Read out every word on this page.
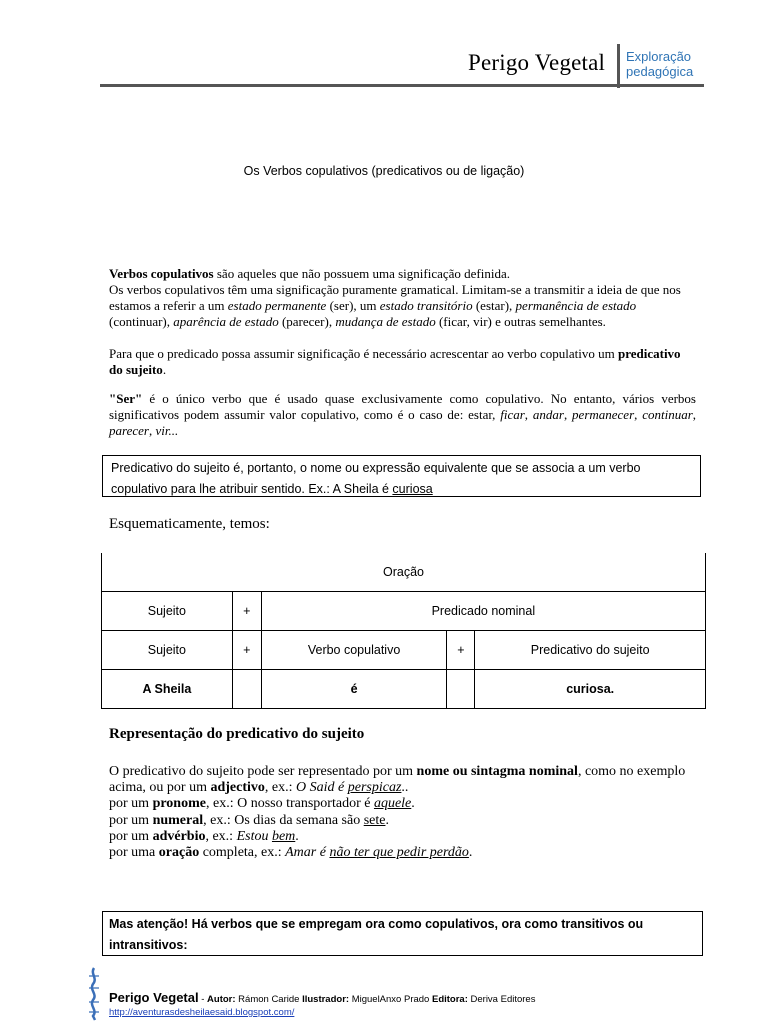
Perigo Vegetal Exploração
pedagógica
Os Verbos copulativos (predicativos ou de ligação)
Verbos copulativos são aqueles que não possuem uma significação definida.
Os verbos copulativos têm uma significação puramente gramatical. Limitam-se a transmitir a ideia de que nos estamos a referir a um estado permanente (ser), um estado transitório (estar), permanência de estado (continuar), aparência de estado (parecer), mudança de estado (ficar, vir) e outras semelhantes.
Para que o predicado possa assumir significação é necessário acrescentar ao verbo copulativo um predicativo do sujeito.
"Ser" é o único verbo que é usado quase exclusivamente como copulativo. No entanto, vários verbos significativos podem assumir valor copulativo, como é o caso de: estar, ficar, andar, permanecer, continuar, parecer, vir...
Predicativo do sujeito é, portanto, o nome ou expressão equivalente que se associa a um verbo copulativo para lhe atribuir sentido. Ex.: A Sheila é curiosa
Esquematicamente, temos:
Oração				
Sujeito	+	Predicado nominal		
Sujeito	+	Verbo copulativo	+	Predicativo do sujeito
A Sheila		é		curiosa.
Representação do predicativo do sujeito
O predicativo do sujeito pode ser representado por um nome ou sintagma nominal, como no exemplo acima, ou por um adjectivo, ex.: O Said é perspicaz..
por um pronome, ex.: O nosso transportador é aquele.
por um numeral, ex.: Os dias da semana são sete.
por um advérbio, ex.: Estou bem.
por uma oração completa, ex.: Amar é não ter que pedir perdão.
Mas atenção! Há verbos que se empregam ora como copulativos, ora como transitivos ou intransitivos:
Perigo Vegetal - Autor: Rámon Caride Ilustrador: MiguelAnxo Prado Editora: Deriva Editores
http://aventurasdesheilaesaid.blogspot.com/
